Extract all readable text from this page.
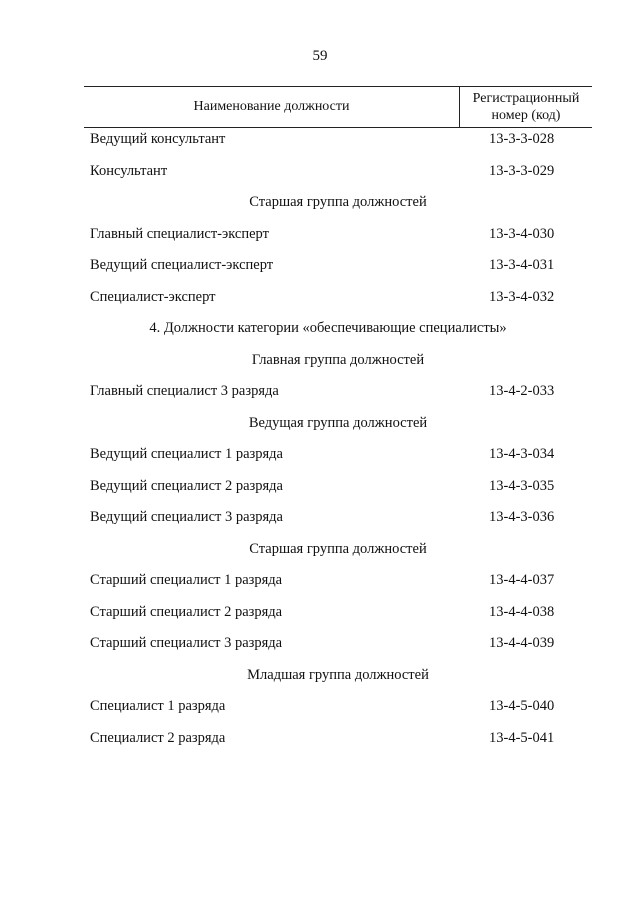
59
Наименование должности
Регистрационный
номер (код)
Ведущий консультант	13-3-3-028
Консультант	13-3-3-029
Старшая группа должностей
Главный специалист-эксперт	13-3-4-030
Ведущий специалист-эксперт	13-3-4-031
Специалист-эксперт	13-3-4-032
4. Должности категории «обеспечивающие специалисты»
Главная группа должностей
Главный специалист 3 разряда	13-4-2-033
Ведущая группа должностей
Ведущий специалист 1 разряда	13-4-3-034
Ведущий специалист 2 разряда	13-4-3-035
Ведущий специалист 3 разряда	13-4-3-036
Старшая группа должностей
Старший специалист 1 разряда	13-4-4-037
Старший специалист 2 разряда	13-4-4-038
Старший специалист 3 разряда	13-4-4-039
Младшая группа должностей
Специалист 1 разряда	13-4-5-040
Специалист 2 разряда	13-4-5-041
